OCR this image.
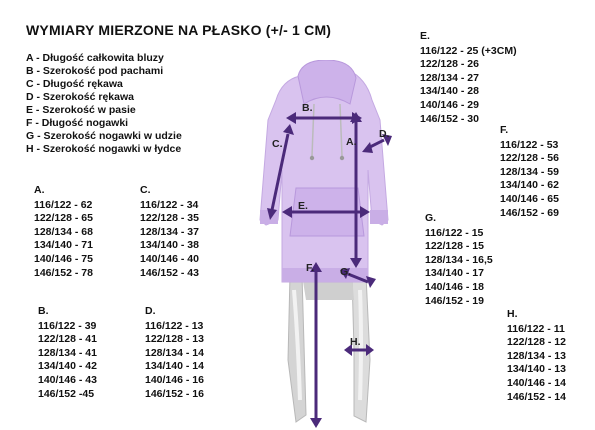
WYMIARY MIERZONE NA PŁASKO (+/- 1 CM)
A - Długość całkowita bluzy
B - Szerokość pod pachami
C - Długość rękawa
D - Szerokość rękawa
E - Szerokość w pasie
F - Długość nogawki
G - Szerokość nogawki w udzie
H - Szerokość nogawki w łydce
A.
116/122 - 62
122/128 - 65
128/134 - 68
134/140 - 71
140/146 - 75
146/152 - 78
C.
116/122 - 34
122/128 - 35
128/134 - 37
134/140 - 38
140/146 - 40
146/152 - 43
B.
116/122 - 39
122/128 - 41
128/134 - 41
134/140 - 42
140/146 - 43
146/152 -45
D.
116/122 - 13
122/128 - 13
128/134 - 14
134/140 - 14
140/146 - 16
146/152 - 16
E.
116/122 - 25 (+3CM)
122/128 - 26
128/134 - 27
134/140 - 28
140/146 - 29
146/152 - 30
F.
116/122 - 53
122/128 - 56
128/134 - 59
134/140 - 62
140/146 - 65
146/152 - 69
G.
116/122 - 15
122/128 - 15
128/134 - 16,5
134/140 - 17
140/146 - 18
146/152 - 19
H.
116/122 - 11
122/128 - 12
128/134 - 13
134/140 - 13
140/146 - 14
146/152 - 14
B.
A.
C.
D.
E.
F. G.
H.
